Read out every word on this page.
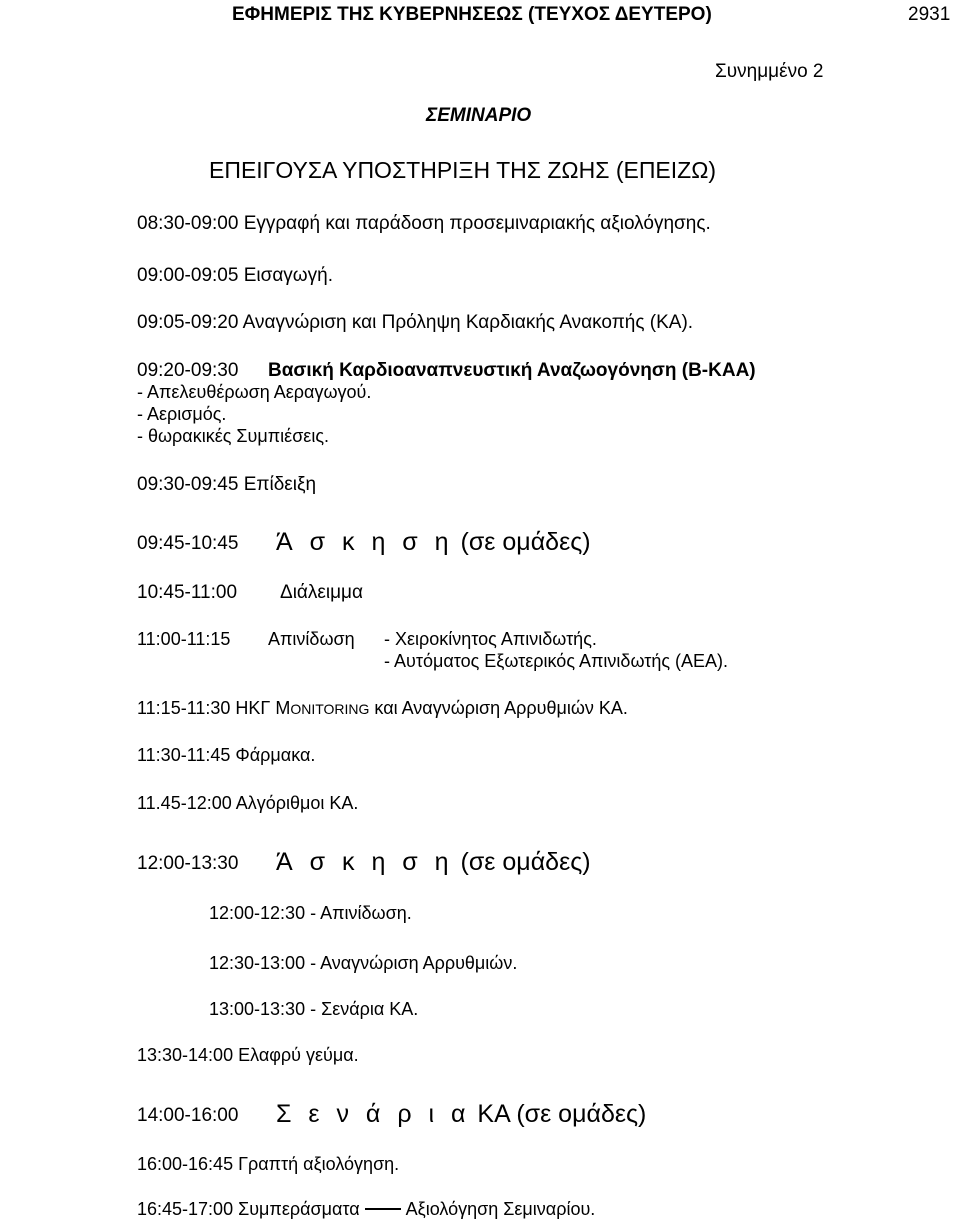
ΕΦΗΜΕΡΙΣ ΤΗΣ ΚΥΒΕΡΝΗΣΕΩΣ (ΤΕΥΧΟΣ ΔΕΥΤΕΡΟ)	2931
Συνημμένο 2
ΣΕΜΙΝΑΡΙΟ
ΕΠΕΙΓΟΥΣΑ ΥΠΟΣΤΗΡΙΞΗ ΤΗΣ ΖΩΗΣ (ΕΠΕΙΖΩ)
08:30-09:00 Εγγραφή και παράδοση προσεμιναριακής αξιολόγησης.
09:00-09:05 Εισαγωγή.
09:05-09:20 Αναγνώριση και Πρόληψη Καρδιακής Ανακοπής (ΚΑ).
09:20-09:30 Βασική Καρδιοαναπνευστική Αναζωογόνηση (Β-ΚΑΑ)
- Απελευθέρωση Αεραγωγού.
- Αερισμός.
- θωρακικές Συμπιέσεις.
09:30-09:45 Επίδειξη
09:45-10:45 Ά σ κ η σ η (σε ομάδες)
10:45-11:00 Διάλειμμα
11:00-11:15 Απινίδωση - Χειροκίνητος Απινιδωτής.
- Αυτόματος Εξωτερικός Απινιδωτής (ΑΕΑ).
11:15-11:30 ΗΚΓ MONITORING και Αναγνώριση Αρρυθμιών ΚΑ.
11:30-11:45 Φάρμακα.
11.45-12:00 Αλγόριθμοι ΚΑ.
12:00-13:30 Ά σ κ η σ η (σε ομάδες)
12:00-12:30 - Απινίδωση.
12:30-13:00 - Αναγνώριση Αρρυθμιών.
13:00-13:30 - Σενάρια ΚΑ.
13:30-14:00 Ελαφρύ γεύμα.
14:00-16:00 Σ ε ν ά ρ ι α ΚΑ (σε ομάδες)
16:00-16:45 Γραπτή αξιολόγηση.
16:45-17:00 Συμπεράσματα	Αξιολόγηση Σεμιναρίου.
